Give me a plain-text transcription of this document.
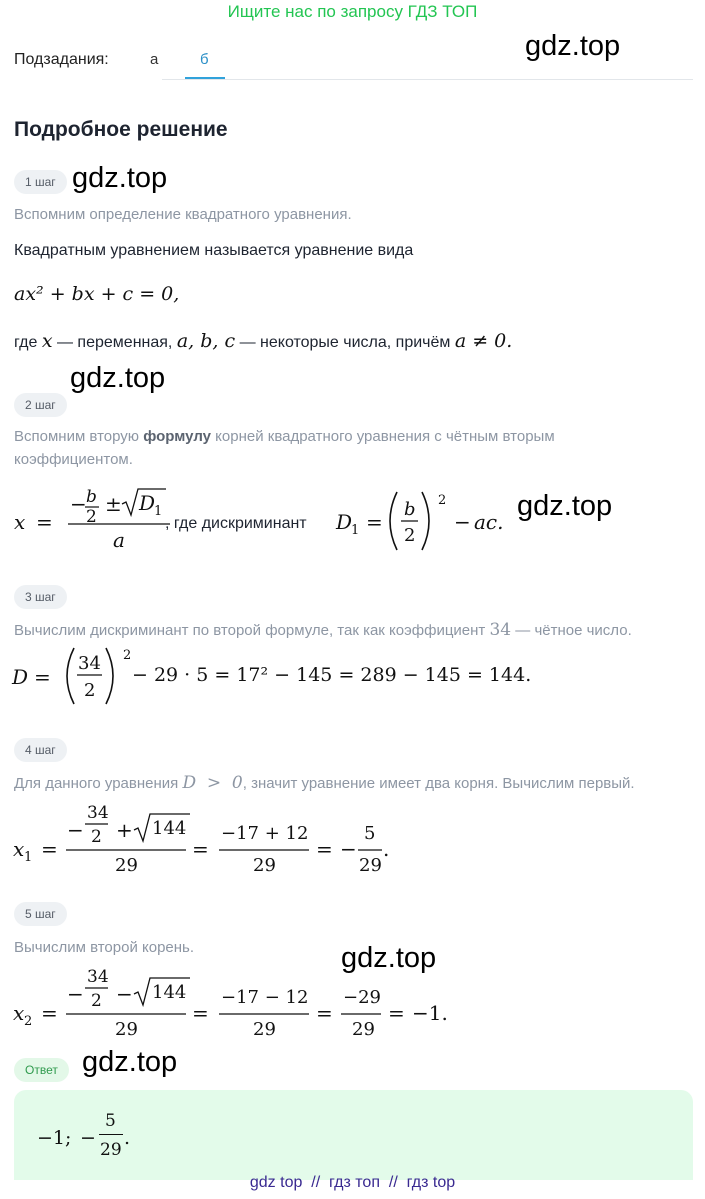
Ищите нас по запросу ГДЗ ТОП
Подзадания:	а	б	gdz.top
gdz.top
gdz.top
gdz.top
gdz.top
gdz.top
Подробное решение
1 шаг
Вспомним определение квадратного уравнения.
Квадратным уравнением называется уравнение вида
ax² + bx + c = 0,
где x — переменная, a, b, c — некоторые числа, причём a ≠ 0.
2 шаг
Вспомним вторую формулу корней квадратного уравнения с чётным вторым
коэффициентом.
x =
− b
2
± D
1
a
, где дискриминант D
1 =
b
2
2
− ac.
3 шаг
Вычислим дискриминант по второй формуле, так как коэффициент 34 — чётное число.
D =
34
2
2
− 29 · 5 = 17² − 145 = 289 − 145 = 144.
4 шаг
Для данного уравнения D  >  0, значит уравнение имеет два корня. Вычислим первый.
x 1 =
−
34
2 + 144
29
=
−17 + 12
29
= −
5
29
.
5 шаг
Вычислим второй корень.
x 2 =
−
34
2 − 144
29
=
−17 − 12
29
=
−29
29
= −1.
Ответ
−1; −
5
29
.
gdz top  //  гдз топ  //  гдз top
